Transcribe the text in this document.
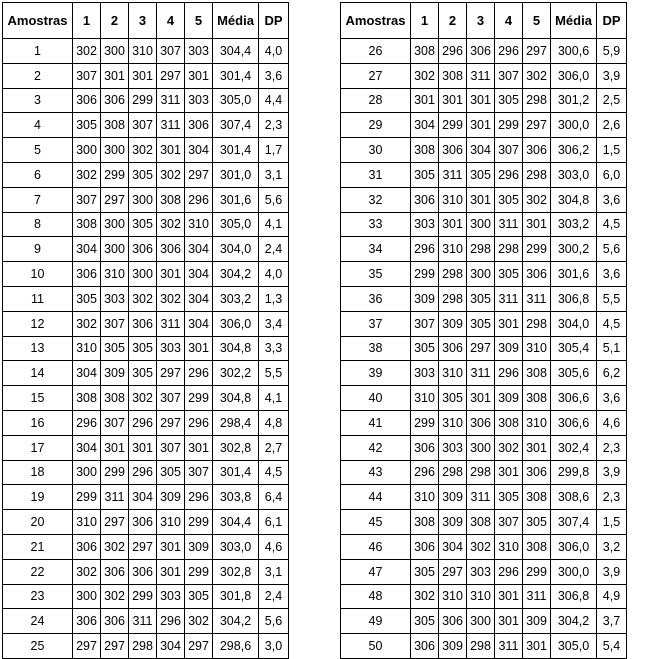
Amostras	1	2	3	4	5	Média	DP
1	302	300	310	307	303	304,4	4,0
2	307	301	301	297	301	301,4	3,6
3	306	306	299	311	303	305,0	4,4
4	305	308	307	311	306	307,4	2,3
5	300	300	302	301	304	301,4	1,7
6	302	299	305	302	297	301,0	3,1
7	307	297	300	308	296	301,6	5,6
8	308	300	305	302	310	305,0	4,1
9	304	300	306	306	304	304,0	2,4
10	306	310	300	301	304	304,2	4,0
11	305	303	302	302	304	303,2	1,3
12	302	307	306	311	304	306,0	3,4
13	310	305	305	303	301	304,8	3,3
14	304	309	305	297	296	302,2	5,5
15	308	308	302	307	299	304,8	4,1
16	296	307	296	297	296	298,4	4,8
17	304	301	301	307	301	302,8	2,7
18	300	299	296	305	307	301,4	4,5
19	299	311	304	309	296	303,8	6,4
20	310	297	306	310	299	304,4	6,1
21	306	302	297	301	309	303,0	4,6
22	302	306	306	301	299	302,8	3,1
23	300	302	299	303	305	301,8	2,4
24	306	306	311	296	302	304,2	5,6
25	297	297	298	304	297	298,6	3,0
Amostras	1	2	3	4	5	Média	DP
26	308	296	306	296	297	300,6	5,9
27	302	308	311	307	302	306,0	3,9
28	301	301	301	305	298	301,2	2,5
29	304	299	301	299	297	300,0	2,6
30	308	306	304	307	306	306,2	1,5
31	305	311	305	296	298	303,0	6,0
32	306	310	301	305	302	304,8	3,6
33	303	301	300	311	301	303,2	4,5
34	296	310	298	298	299	300,2	5,6
35	299	298	300	305	306	301,6	3,6
36	309	298	305	311	311	306,8	5,5
37	307	309	305	301	298	304,0	4,5
38	305	306	297	309	310	305,4	5,1
39	303	310	311	296	308	305,6	6,2
40	310	305	301	309	308	306,6	3,6
41	299	310	306	308	310	306,6	4,6
42	306	303	300	302	301	302,4	2,3
43	296	298	298	301	306	299,8	3,9
44	310	309	311	305	308	308,6	2,3
45	308	309	308	307	305	307,4	1,5
46	306	304	302	310	308	306,0	3,2
47	305	297	303	296	299	300,0	3,9
48	302	310	310	301	311	306,8	4,9
49	305	306	300	301	309	304,2	3,7
50	306	309	298	311	301	305,0	5,4
